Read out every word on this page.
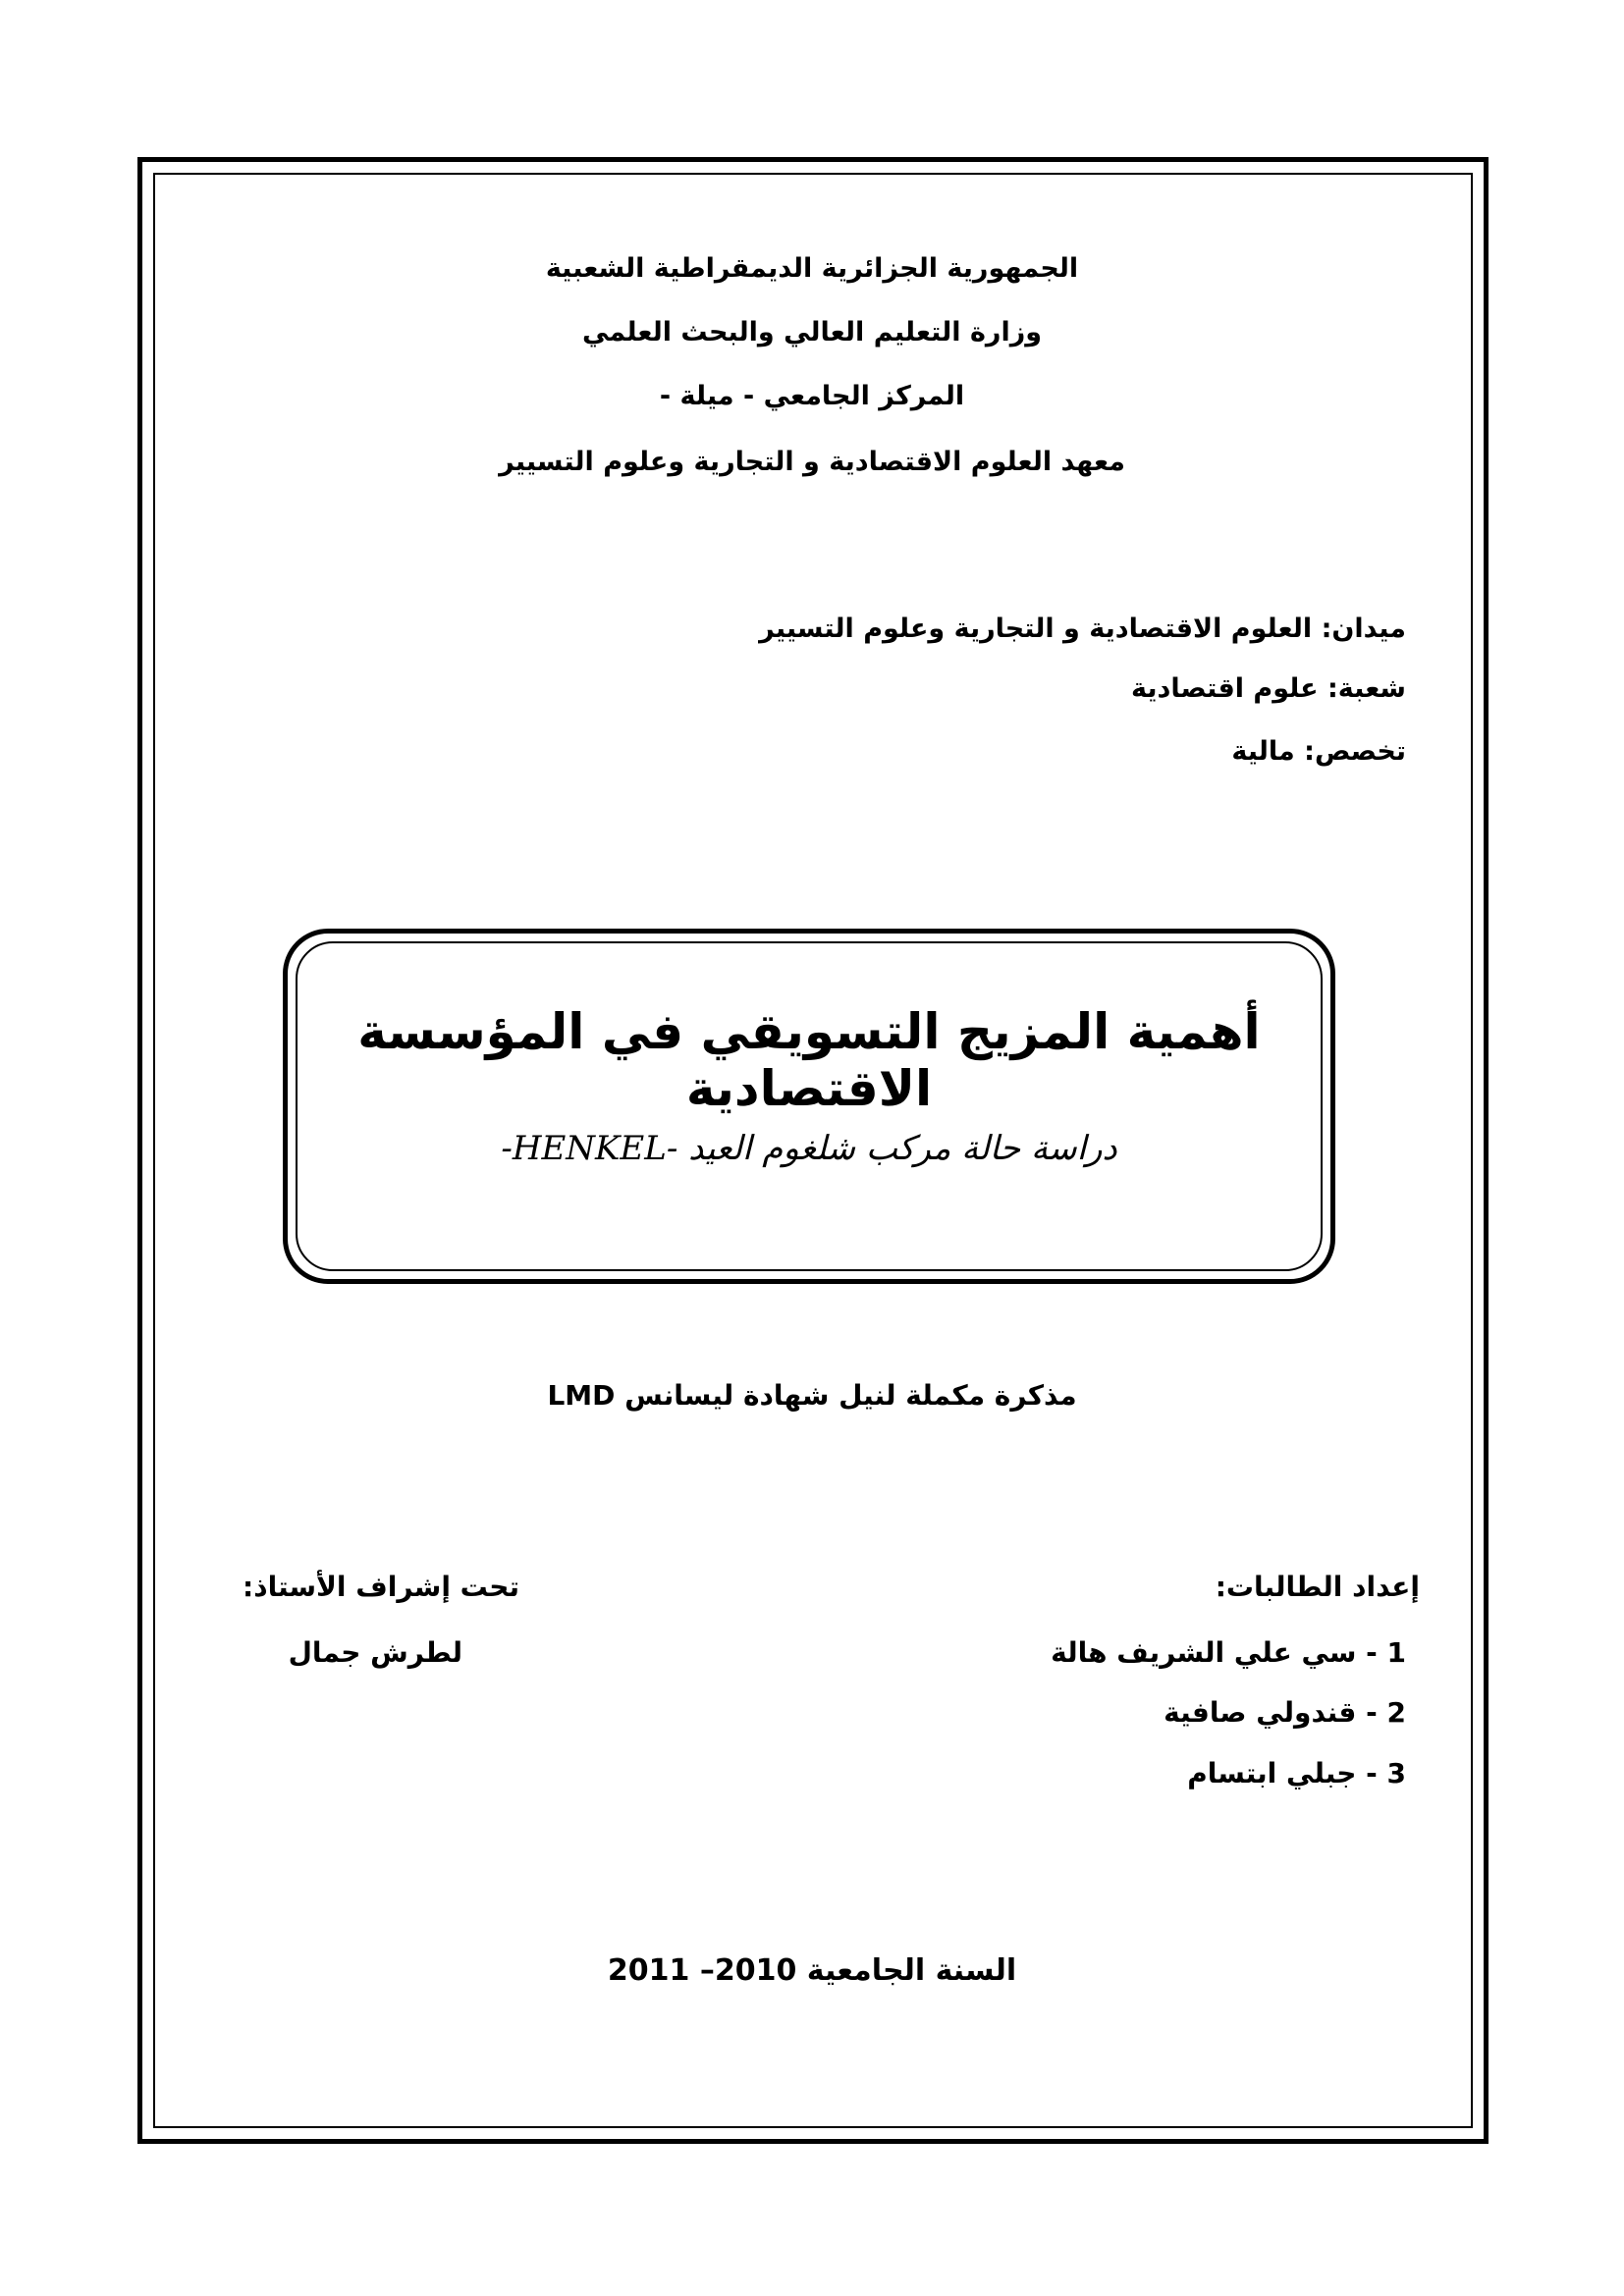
الجمهورية الجزائرية الديمقراطية الشعبية
وزارة التعليم العالي والبحث العلمي
المركز الجامعي - ميلة -
معهد العلوم الاقتصادية و التجارية وعلوم التسيير
ميدان: العلوم الاقتصادية و التجارية وعلوم التسيير
شعبة: علوم اقتصادية
تخصص: مالية
أهمية المزيج التسويقي في المؤسسة الاقتصادية
دراسة حالة مركب شلغوم العيد -HENKEL-
مذكرة مكملة لنيل شهادة ليسانس LMD
إعداد الطالبات:
1 - سي علي الشريف هالة
2 - قندولي صافية
3 - جبلي ابتسام
تحت إشراف الأستاذ:
لطرش جمال
السنة الجامعية 2010– 2011
